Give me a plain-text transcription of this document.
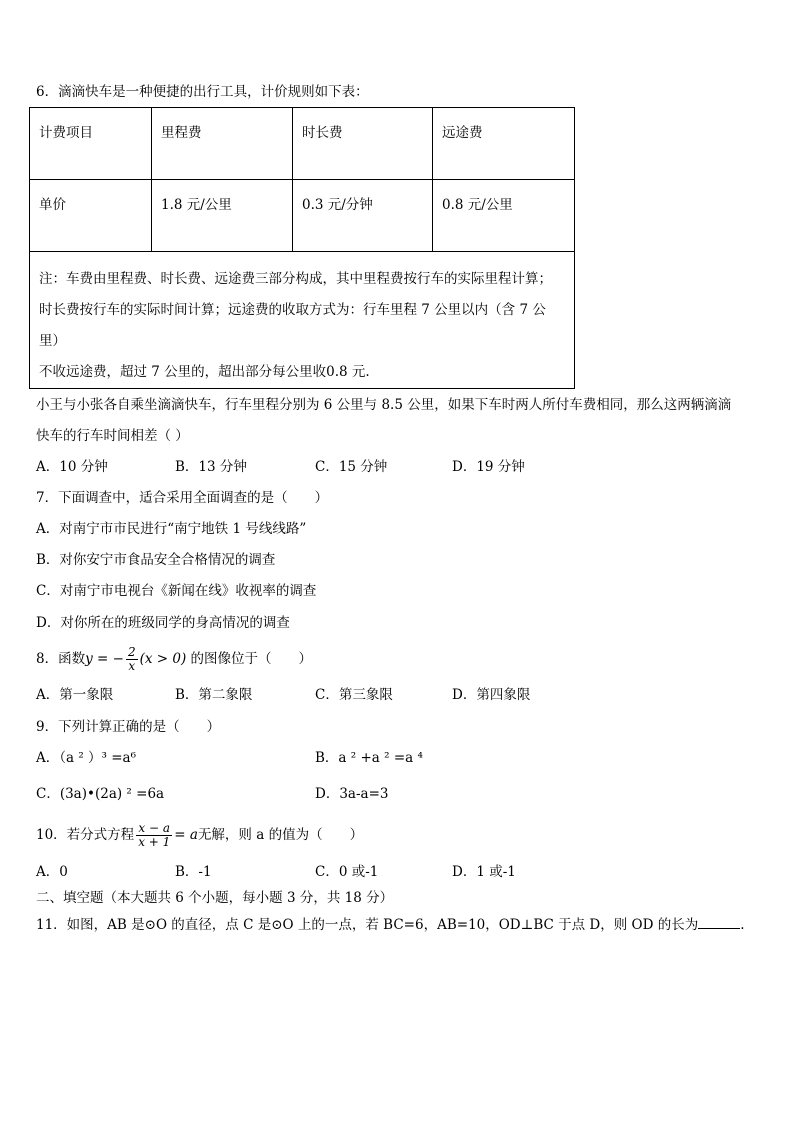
6．滴滴快车是一种便捷的出行工具，计价规则如下表：
计费项目	里程费	时长费	远途费
单价	1.8 元/公里	0.3 元/分钟	0.8 元/公里

注：车费由里程费、时长费、远途费三部分构成，其中里程费按行车的实际里程计算；
时长费按行车的实际时间计算；远途费的收取方式为：行车里程 7 公里以内（含 7 公里）
不收远途费，超过 7 公里的，超出部分每公里收0.8 元.			
小王与小张各自乘坐滴滴快车，行车里程分别为 6 公里与 8.5 公里，如果下车时两人所付车费相同，那么这两辆滴滴
快车的行车时间相差（ ）
A．10 分钟	B．13 分钟	C．15 分钟	D．19 分钟
7．下面调查中，适合采用全面调查的是（　　）
A．对南宁市市民进行“南宁地铁 1 号线线路”
B．对你安宁市食品安全合格情况的调查
C．对南宁市电视台《新闻在线》收视率的调查
D．对你所在的班级同学的身高情况的调查
8．函数y = − $\frac{2}{x} (x > 0)$ 的图像位于（　　）
A．第一象限	B．第二象限	C．第三象限	D．第四象限
9．下列计算正确的是（　　）
A．（a ² ）³ =a⁶	B．a ² +a ² =a ⁴
C．(3a)•(2a) ² =6a	D．3a-a=3
10．若分式方程 $\frac{x - a}{x + 1} = a$无解，则 a 的值为（　　）
A．0	B．-1	C．0 或-1	D．1 或-1
二、填空题（本大题共 6 个小题，每小题 3 分，共 18 分）
11．如图，AB 是⊙O 的直径，点 C 是⊙O 上的一点，若 BC=6，AB=10，OD⊥BC 于点 D，则 OD 的长为	.
